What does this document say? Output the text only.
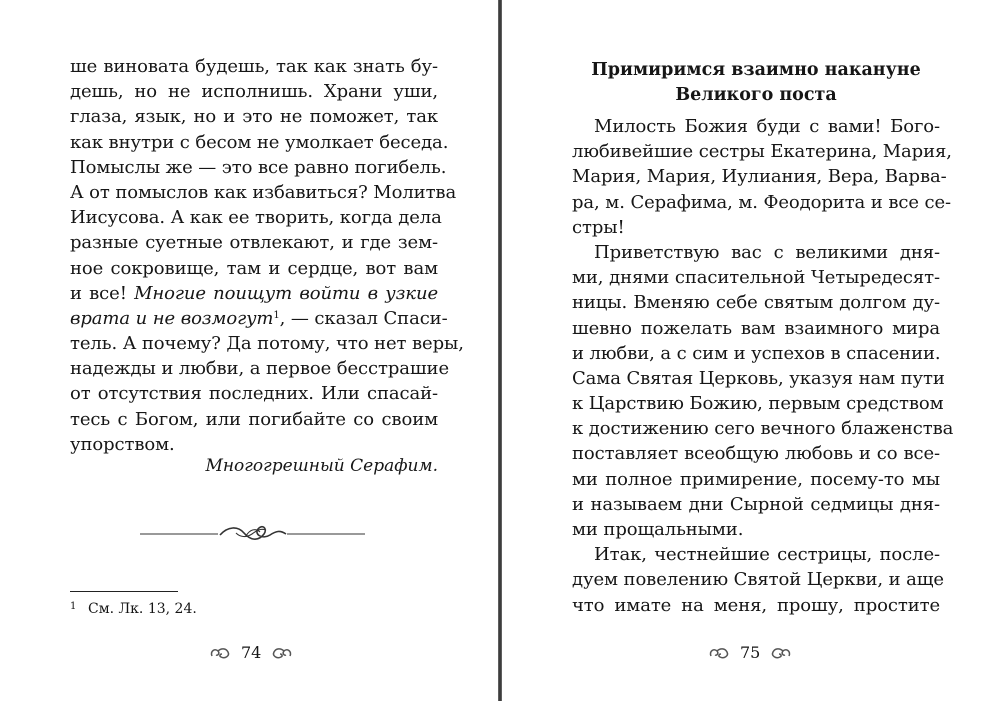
ше виновата будешь, так как знать бу-
дешь, но не исполнишь. Храни уши,
глаза, язык, но и это не поможет, так
как внутри с бесом не умолкает беседа.
Помыслы же — это все равно погибель.
А от помыслов как избавиться? Молитва
Иисусова. А как ее творить, когда дела
разные суетные отвлекают, и где зем-
ное сокровище, там и сердце, вот вам
и все! Многие поищут войти в узкие
врата и не возмогут$^1$, — сказал Спаси-
тель. А почему? Да потому, что нет веры,
надежды и любви, а первое бесстрашие
от отсутствия последних. Или спасай-
тесь с Богом, или погибайте со своим
упорством.
Многогрешный Серафим.
1 См. Лк. 13, 24.
74
Примиримся взаимно накануне
Великого поста
Милость Божия буди с вами! Бого-
любивейшие сестры Екатерина, Мария,
Мария, Мария, Иулиания, Вера, Варва-
ра, м. Серафима, м. Феодорита и все се-
стры!
Приветствую вас с великими дня-
ми, днями спасительной Четыредесят-
ницы. Вменяю себе святым долгом ду-
шевно пожелать вам взаимного мира
и любви, а с сим и успехов в спасении.
Сама Святая Церковь, указуя нам пути
к Царствию Божию, первым средством
к достижению сего вечного блаженства
поставляет всеобщую любовь и со все-
ми полное примирение, посему-то мы
и называем дни Сырной седмицы дня-
ми прощальными.
Итак, честнейшие сестрицы, после-
дуем повелению Святой Церкви, и аще
что имате на меня, прошу, простите
75
